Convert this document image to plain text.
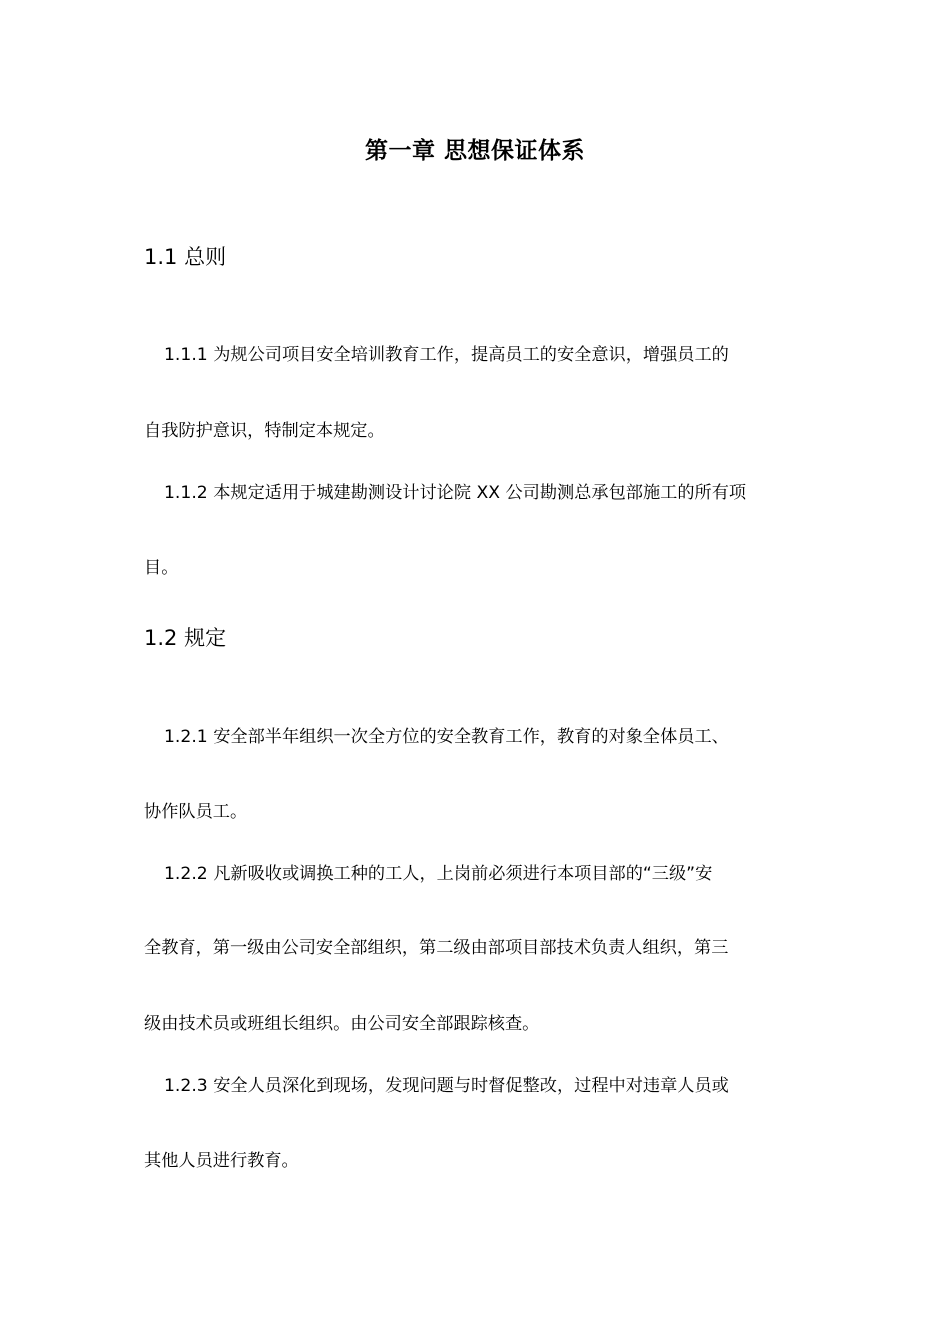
第一章 思想保证体系
1.1 总则
1.1.1 为规公司项目安全培训教育工作，提高员工的安全意识，增强员工的
自我防护意识，特制定本规定。
1.1.2 本规定适用于城建勘测设计讨论院 XX 公司勘测总承包部施工的所有项
目。
1.2 规定
1.2.1 安全部半年组织一次全方位的安全教育工作，教育的对象全体员工、
协作队员工。
1.2.2 凡新吸收或调换工种的工人，上岗前必须进行本项目部的“三级”安
全教育，第一级由公司安全部组织，第二级由部项目部技术负责人组织，第三
级由技术员或班组长组织。由公司安全部跟踪核查。
1.2.3 安全人员深化到现场，发现问题与时督促整改，过程中对违章人员或
其他人员进行教育。
